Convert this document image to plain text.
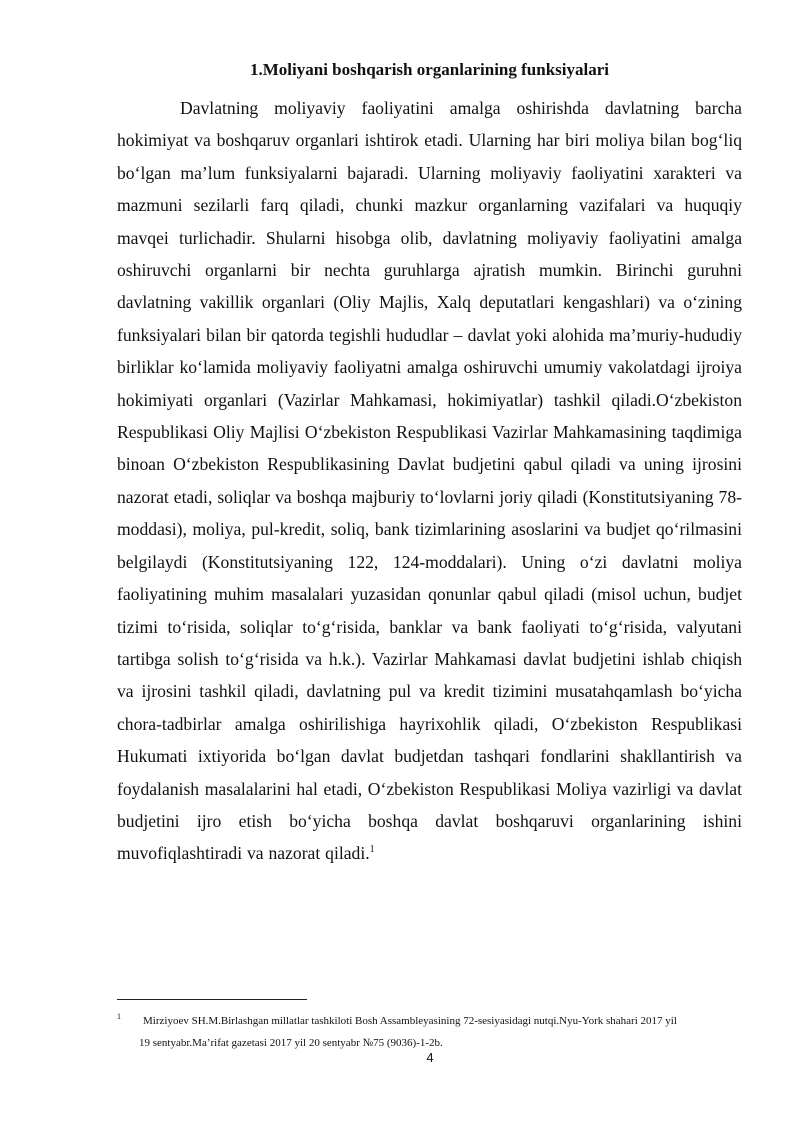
1.Moliyani boshqarish organlarining funksiyalari

Davlatning moliyaviy faoliyatini amalga oshirishda davlatning barcha hokimiyat va boshqaruv organlari ishtirok etadi. Ularning har biri moliya bilan bog‘liq bo‘lgan ma’lum funksiyalarni bajaradi. Ularning moliyaviy faoliyatini xarakteri va mazmuni sezilarli farq qiladi, chunki mazkur organlarning vazifalari va huquqiy mavqei turlichadir. Shularni hisobga olib, davlatning moliyaviy faoliyatini amalga oshiruvchi organlarni bir nechta guruhlarga ajratish mumkin. Birinchi guruhni davlatning vakillik organlari (Oliy Majlis, Xalq deputatlari kengashlari) va o‘zining funksiyalari bilan bir qatorda tegishli hududlar – davlat yoki alohida ma’muriy-hududiy birliklar ko‘lamida moliyaviy faoliyatni amalga oshiruvchi umumiy vakolatdagi ijroiya hokimiyati organlari (Vazirlar Mahkamasi, hokimiyatlar) tashkil qiladi.O‘zbekiston Respublikasi Oliy Majlisi O‘zbekiston Respublikasi Vazirlar Mahkamasining taqdimiga binoan O‘zbekiston Respublikasining Davlat budjetini qabul qiladi va uning ijrosini nazorat etadi, soliqlar va boshqa majburiy to‘lovlarni joriy qiladi (Konstitutsiyaning 78-moddasi), moliya, pul-kredit, soliq, bank tizimlarining asoslarini va budjet qo‘rilmasini belgilaydi (Konstitutsiyaning 122, 124-moddalari). Uning o‘zi davlatni moliya faoliyatining muhim masalalari yuzasidan qonunlar qabul qiladi (misol uchun, budjet tizimi to‘risida, soliqlar to‘g‘risida, banklar va bank faoliyati to‘g‘risida, valyutani tartibga solish to‘g‘risida va h.k.). Vazirlar Mahkamasi davlat budjetini ishlab chiqish va ijrosini tashkil qiladi, davlatning pul va kredit tizimini musatahqamlash bo‘yicha chora-tadbirlar amalga oshirilishiga hayrixohlik qiladi, O‘zbekiston Respublikasi Hukumati ixtiyorida bo‘lgan davlat budjetdan tashqari fondlarini shakllantirish va foydalanish masalalarini hal etadi, O‘zbekiston Respublikasi Moliya vazirligi va davlat budjetini ijro etish bo‘yicha boshqa davlat boshqaruvi organlarining ishini muvofiqlashtiradi va nazorat qiladi.$^1$

1 Mirziyoev SH.M.Birlashgan millatlar tashkiloti Bosh Assambleyasining 72-sesiyasidagi nutqi.Nyu-York shahari 2017 yil
19 sentyabr.Ma’rifat gazetasi 2017 yil 20 sentyabr №75 (9036)-1-2b.
4
